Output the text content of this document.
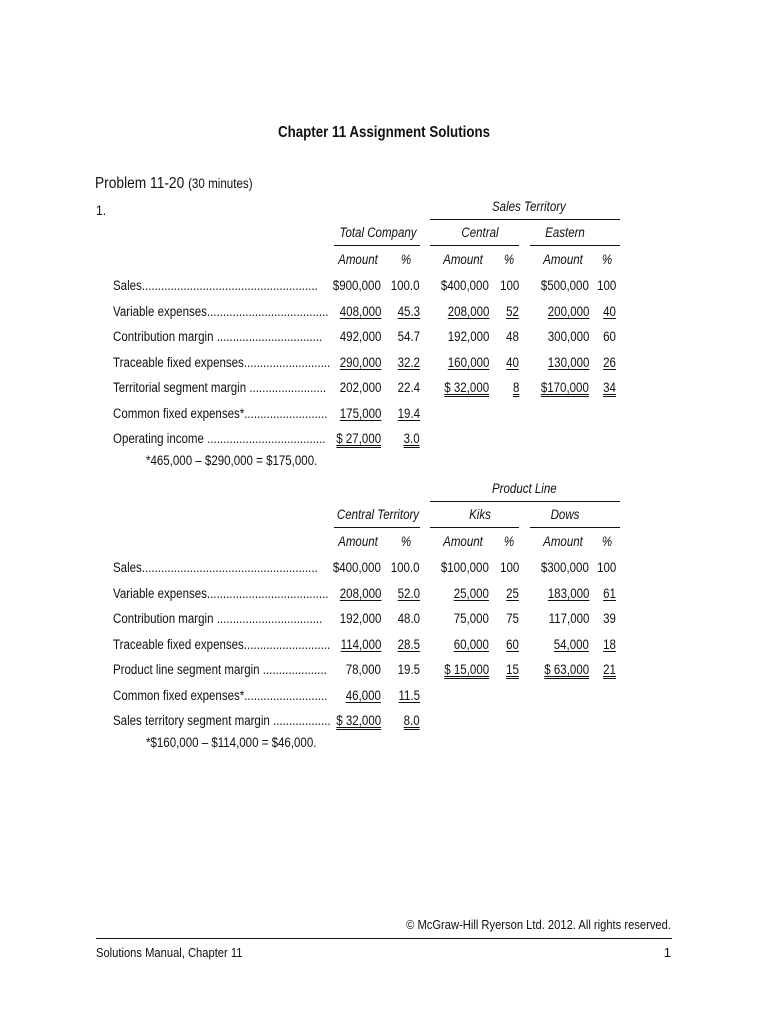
Chapter 11 Assignment Solutions
Problem 11-20 (30 minutes)
1.	Sales Territory
Total Company	Central	Eastern
Amount % Amount % Amount %
Sales....................................................... $900,000 100.0 $400,000 100 $500,000 100
Variable expenses...................................... 408,000 45.3 208,000 52 200,000 40
Contribution margin ................................. 492,000 54.7 192,000 48 300,000 60
Traceable fixed expenses........................... 290,000 32.2 160,000 40 130,000 26
Territorial segment margin ........................ 202,000 22.4 $ 32,000 8 $170,000 34
Common fixed expenses*.......................... 175,000 19.4
Operating income ..................................... $ 27,000 3.0
*465,000 – $290,000 = $175,000.
Product Line
Central Territory	Kiks	Dows
Amount % Amount % Amount %
Sales....................................................... $400,000 100.0 $100,000 100 $300,000 100
Variable expenses...................................... 208,000 52.0	25,000 25 183,000 61
Contribution margin ................................. 192,000 48.0	75,000 75 117,000 39
Traceable fixed expenses........................... 114,000 28.5	60,000 60	54,000 18
Product line segment margin .................... 78,000 19.5 $ 15,000 15 $ 63,000 21
Common fixed expenses*.......................... 46,000 11.5
Sales territory segment margin .................. $ 32,000 8.0
*$160,000 – $114,000 = $46,000.
© McGraw-Hill Ryerson Ltd. 2012. All rights reserved.
Solutions Manual, Chapter 11	1
